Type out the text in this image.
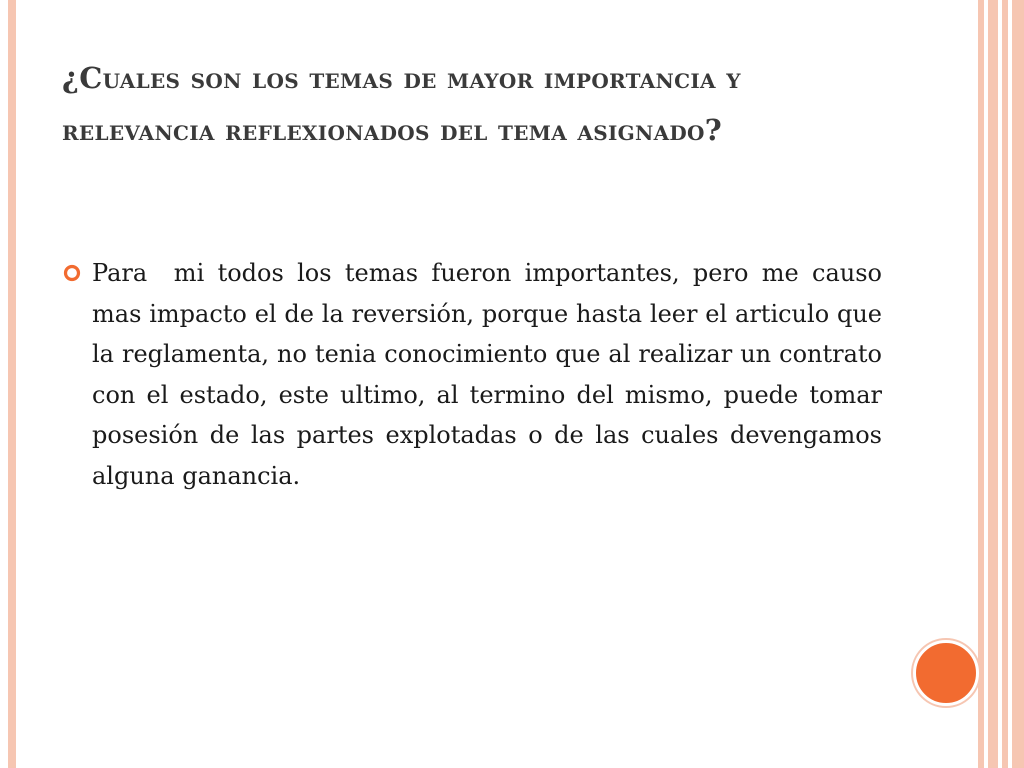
¿Cuales son los temas de mayor importancia y relevancia reflexionados del tema asignado?

Para  mi todos los temas fueron importantes, pero me causo mas impacto el de la reversión, porque hasta leer el articulo que la reglamenta, no tenia conocimiento que al realizar un contrato con el estado, este ultimo, al termino del mismo, puede tomar posesión de las partes explotadas o de las cuales devengamos alguna ganancia.
